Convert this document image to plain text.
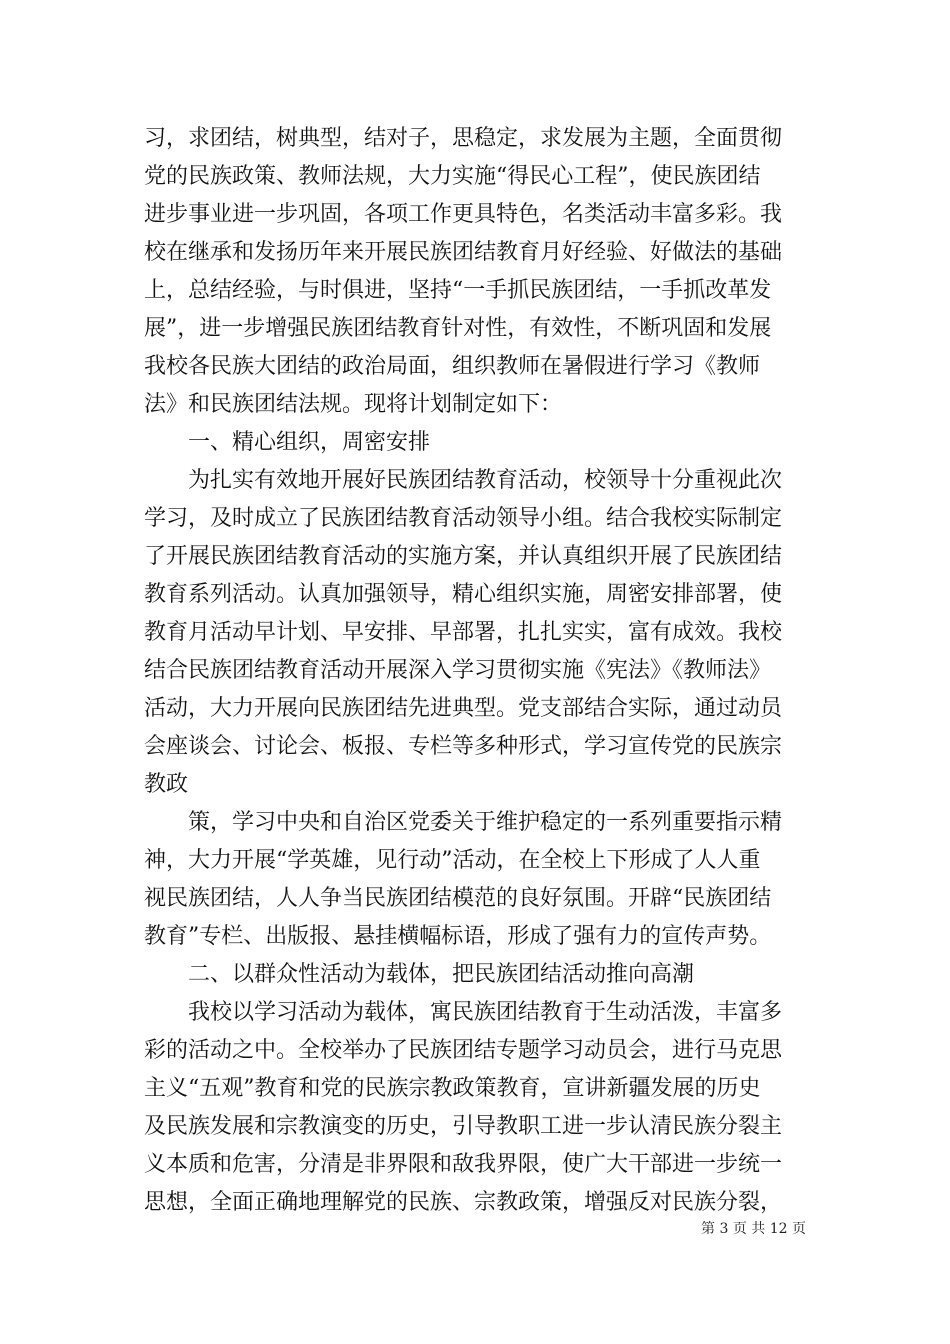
习，求团结，树典型，结对子，思稳定，求发展为主题，全面贯彻
党的民族政策、教师法规，大力实施“得民心工程”，使民族团结
进步事业进一步巩固，各项工作更具特色，名类活动丰富多彩。我
校在继承和发扬历年来开展民族团结教育月好经验、好做法的基础
上，总结经验，与时俱进，坚持“一手抓民族团结，一手抓改革发
展”，进一步增强民族团结教育针对性，有效性，不断巩固和发展
我校各民族大团结的政治局面，组织教师在暑假进行学习《教师
法》和民族团结法规。现将计划制定如下：
一、精心组织，周密安排
为扎实有效地开展好民族团结教育活动，校领导十分重视此次
学习，及时成立了民族团结教育活动领导小组。结合我校实际制定
了开展民族团结教育活动的实施方案，并认真组织开展了民族团结
教育系列活动。认真加强领导，精心组织实施，周密安排部署，使
教育月活动早计划、早安排、早部署，扎扎实实，富有成效。我校
结合民族团结教育活动开展深入学习贯彻实施《宪法》《教师法》
活动，大力开展向民族团结先进典型。党支部结合实际，通过动员
会座谈会、讨论会、板报、专栏等多种形式，学习宣传党的民族宗
教政
策，学习中央和自治区党委关于维护稳定的一系列重要指示精
神，大力开展“学英雄，见行动”活动，在全校上下形成了人人重
视民族团结，人人争当民族团结模范的良好氛围。开辟“民族团结
教育”专栏、出版报、悬挂横幅标语，形成了强有力的宣传声势。
二、以群众性活动为载体，把民族团结活动推向高潮
我校以学习活动为载体，寓民族团结教育于生动活泼，丰富多
彩的活动之中。全校举办了民族团结专题学习动员会，进行马克思
主义“五观”教育和党的民族宗教政策教育，宣讲新疆发展的历史
及民族发展和宗教演变的历史，引导教职工进一步认清民族分裂主
义本质和危害，分清是非界限和敌我界限，使广大干部进一步统一
思想，全面正确地理解党的民族、宗教政策，增强反对民族分裂，
第 3 页 共 12 页
